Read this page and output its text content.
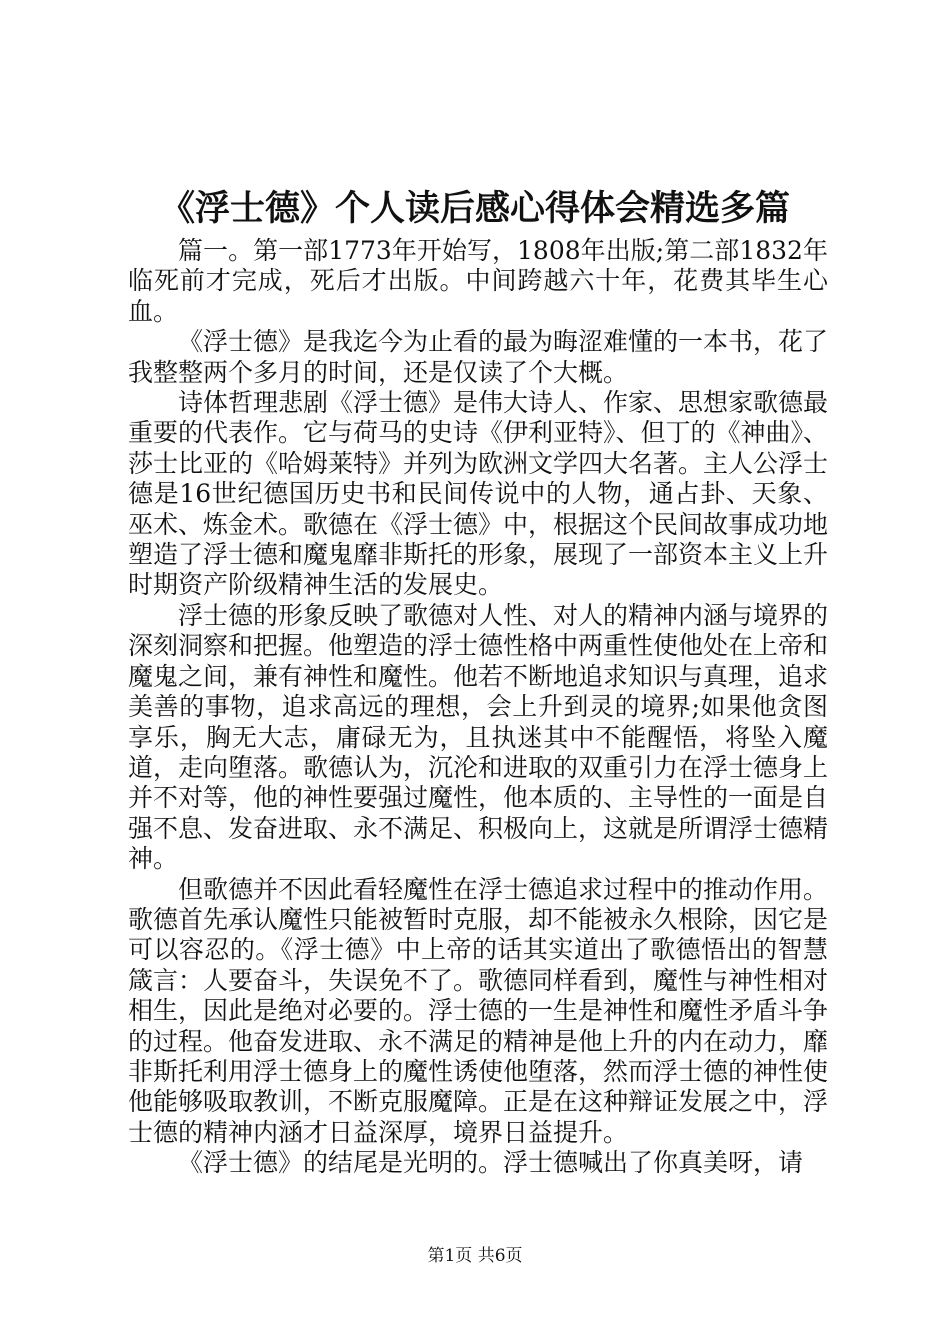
《浮士德》个人读后感心得体会精选多篇

篇一。第一部1773年开始写，1808年出版;第二部1832年临死前才完成，死后才出版。中间跨越六十年，花费其毕生心血。

《浮士德》是我迄今为止看的最为晦涩难懂的一本书，花了我整整两个多月的时间，还是仅读了个大概。

诗体哲理悲剧《浮士德》是伟大诗人、作家、思想家歌德最重要的代表作。它与荷马的史诗《伊利亚特》、但丁的《神曲》、莎士比亚的《哈姆莱特》并列为欧洲文学四大名著。主人公浮士德是16世纪德国历史书和民间传说中的人物，通占卦、天象、巫术、炼金术。歌德在《浮士德》中，根据这个民间故事成功地塑造了浮士德和魔鬼靡非斯托的形象，展现了一部资本主义上升时期资产阶级精神生活的发展史。

浮士德的形象反映了歌德对人性、对人的精神内涵与境界的深刻洞察和把握。他塑造的浮士德性格中两重性使他处在上帝和魔鬼之间，兼有神性和魔性。他若不断地追求知识与真理，追求美善的事物，追求高远的理想，会上升到灵的境界;如果他贪图享乐，胸无大志，庸碌无为，且执迷其中不能醒悟，将坠入魔道，走向堕落。歌德认为，沉沦和进取的双重引力在浮士德身上并不对等，他的神性要强过魔性，他本质的、主导性的一面是自强不息、发奋进取、永不满足、积极向上，这就是所谓浮士德精神。

但歌德并不因此看轻魔性在浮士德追求过程中的推动作用。歌德首先承认魔性只能被暂时克服，却不能被永久根除，因它是可以容忍的。《浮士德》中上帝的话其实道出了歌德悟出的智慧箴言：人要奋斗，失误免不了。歌德同样看到，魔性与神性相对相生，因此是绝对必要的。浮士德的一生是神性和魔性矛盾斗争的过程。他奋发进取、永不满足的精神是他上升的内在动力，靡非斯托利用浮士德身上的魔性诱使他堕落，然而浮士德的神性使他能够吸取教训，不断克服魔障。正是在这种辩证发展之中，浮士德的精神内涵才日益深厚，境界日益提升。

《浮士德》的结尾是光明的。浮士德喊出了你真美呀，请

第1页 共6页
